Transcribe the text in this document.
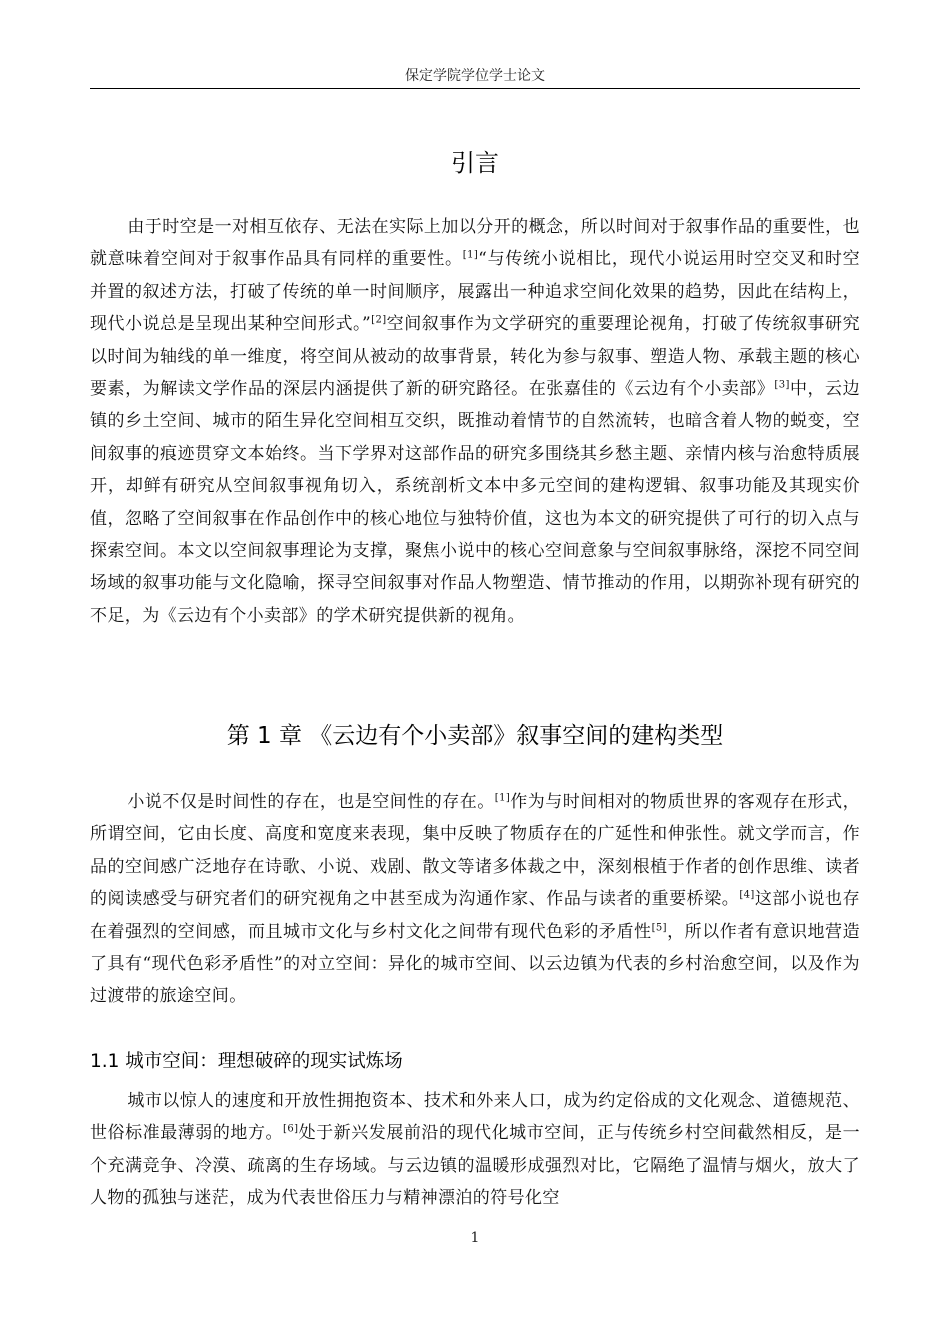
保定学院学位学士论文
引言

由于时空是一对相互依存、无法在实际上加以分开的概念，所以时间对于叙事作品的重要性，也就意味着空间对于叙事作品具有同样的重要性。[1]“与传统小说相比，现代小说运用时空交叉和时空并置的叙述方法，打破了传统的单一时间顺序，展露出一种追求空间化效果的趋势，因此在结构上，现代小说总是呈现出某种空间形式。”[2]空间叙事作为文学研究的重要理论视角，打破了传统叙事研究以时间为轴线的单一维度，将空间从被动的故事背景，转化为参与叙事、塑造人物、承载主题的核心要素，为解读文学作品的深层内涵提供了新的研究路径。在张嘉佳的《云边有个小卖部》[3]中，云边镇的乡土空间、城市的陌生异化空间相互交织，既推动着情节的自然流转，也暗含着人物的蜕变，空间叙事的痕迹贯穿文本始终。当下学界对这部作品的研究多围绕其乡愁主题、亲情内核与治愈特质展开，却鲜有研究从空间叙事视角切入，系统剖析文本中多元空间的建构逻辑、叙事功能及其现实价值，忽略了空间叙事在作品创作中的核心地位与独特价值，这也为本文的研究提供了可行的切入点与探索空间。本文以空间叙事理论为支撑，聚焦小说中的核心空间意象与空间叙事脉络，深挖不同空间场域的叙事功能与文化隐喻，探寻空间叙事对作品人物塑造、情节推动的作用，以期弥补现有研究的不足，为《云边有个小卖部》的学术研究提供新的视角。

第 1 章 《云边有个小卖部》叙事空间的建构类型

小说不仅是时间性的存在，也是空间性的存在。[1]作为与时间相对的物质世界的客观存在形式，所谓空间，它由长度、高度和宽度来表现，集中反映了物质存在的广延性和伸张性。就文学而言，作品的空间感广泛地存在诗歌、小说、戏剧、散文等诸多体裁之中，深刻根植于作者的创作思维、读者的阅读感受与研究者们的研究视角之中甚至成为沟通作家、作品与读者的重要桥梁。[4]这部小说也存在着强烈的空间感，而且城市文化与乡村文化之间带有现代色彩的矛盾性[5]，所以作者有意识地营造了具有“现代色彩矛盾性”的对立空间：异化的城市空间、以云边镇为代表的乡村治愈空间，以及作为过渡带的旅途空间。

1.1 城市空间：理想破碎的现实试炼场

城市以惊人的速度和开放性拥抱资本、技术和外来人口，成为约定俗成的文化观念、道德规范、世俗标准最薄弱的地方。[6]处于新兴发展前沿的现代化城市空间，正与传统乡村空间截然相反，是一个充满竞争、冷漠、疏离的生存场域。与云边镇的温暖形成强烈对比，它隔绝了温情与烟火，放大了人物的孤独与迷茫，成为代表世俗压力与精神漂泊的符号化空

1
